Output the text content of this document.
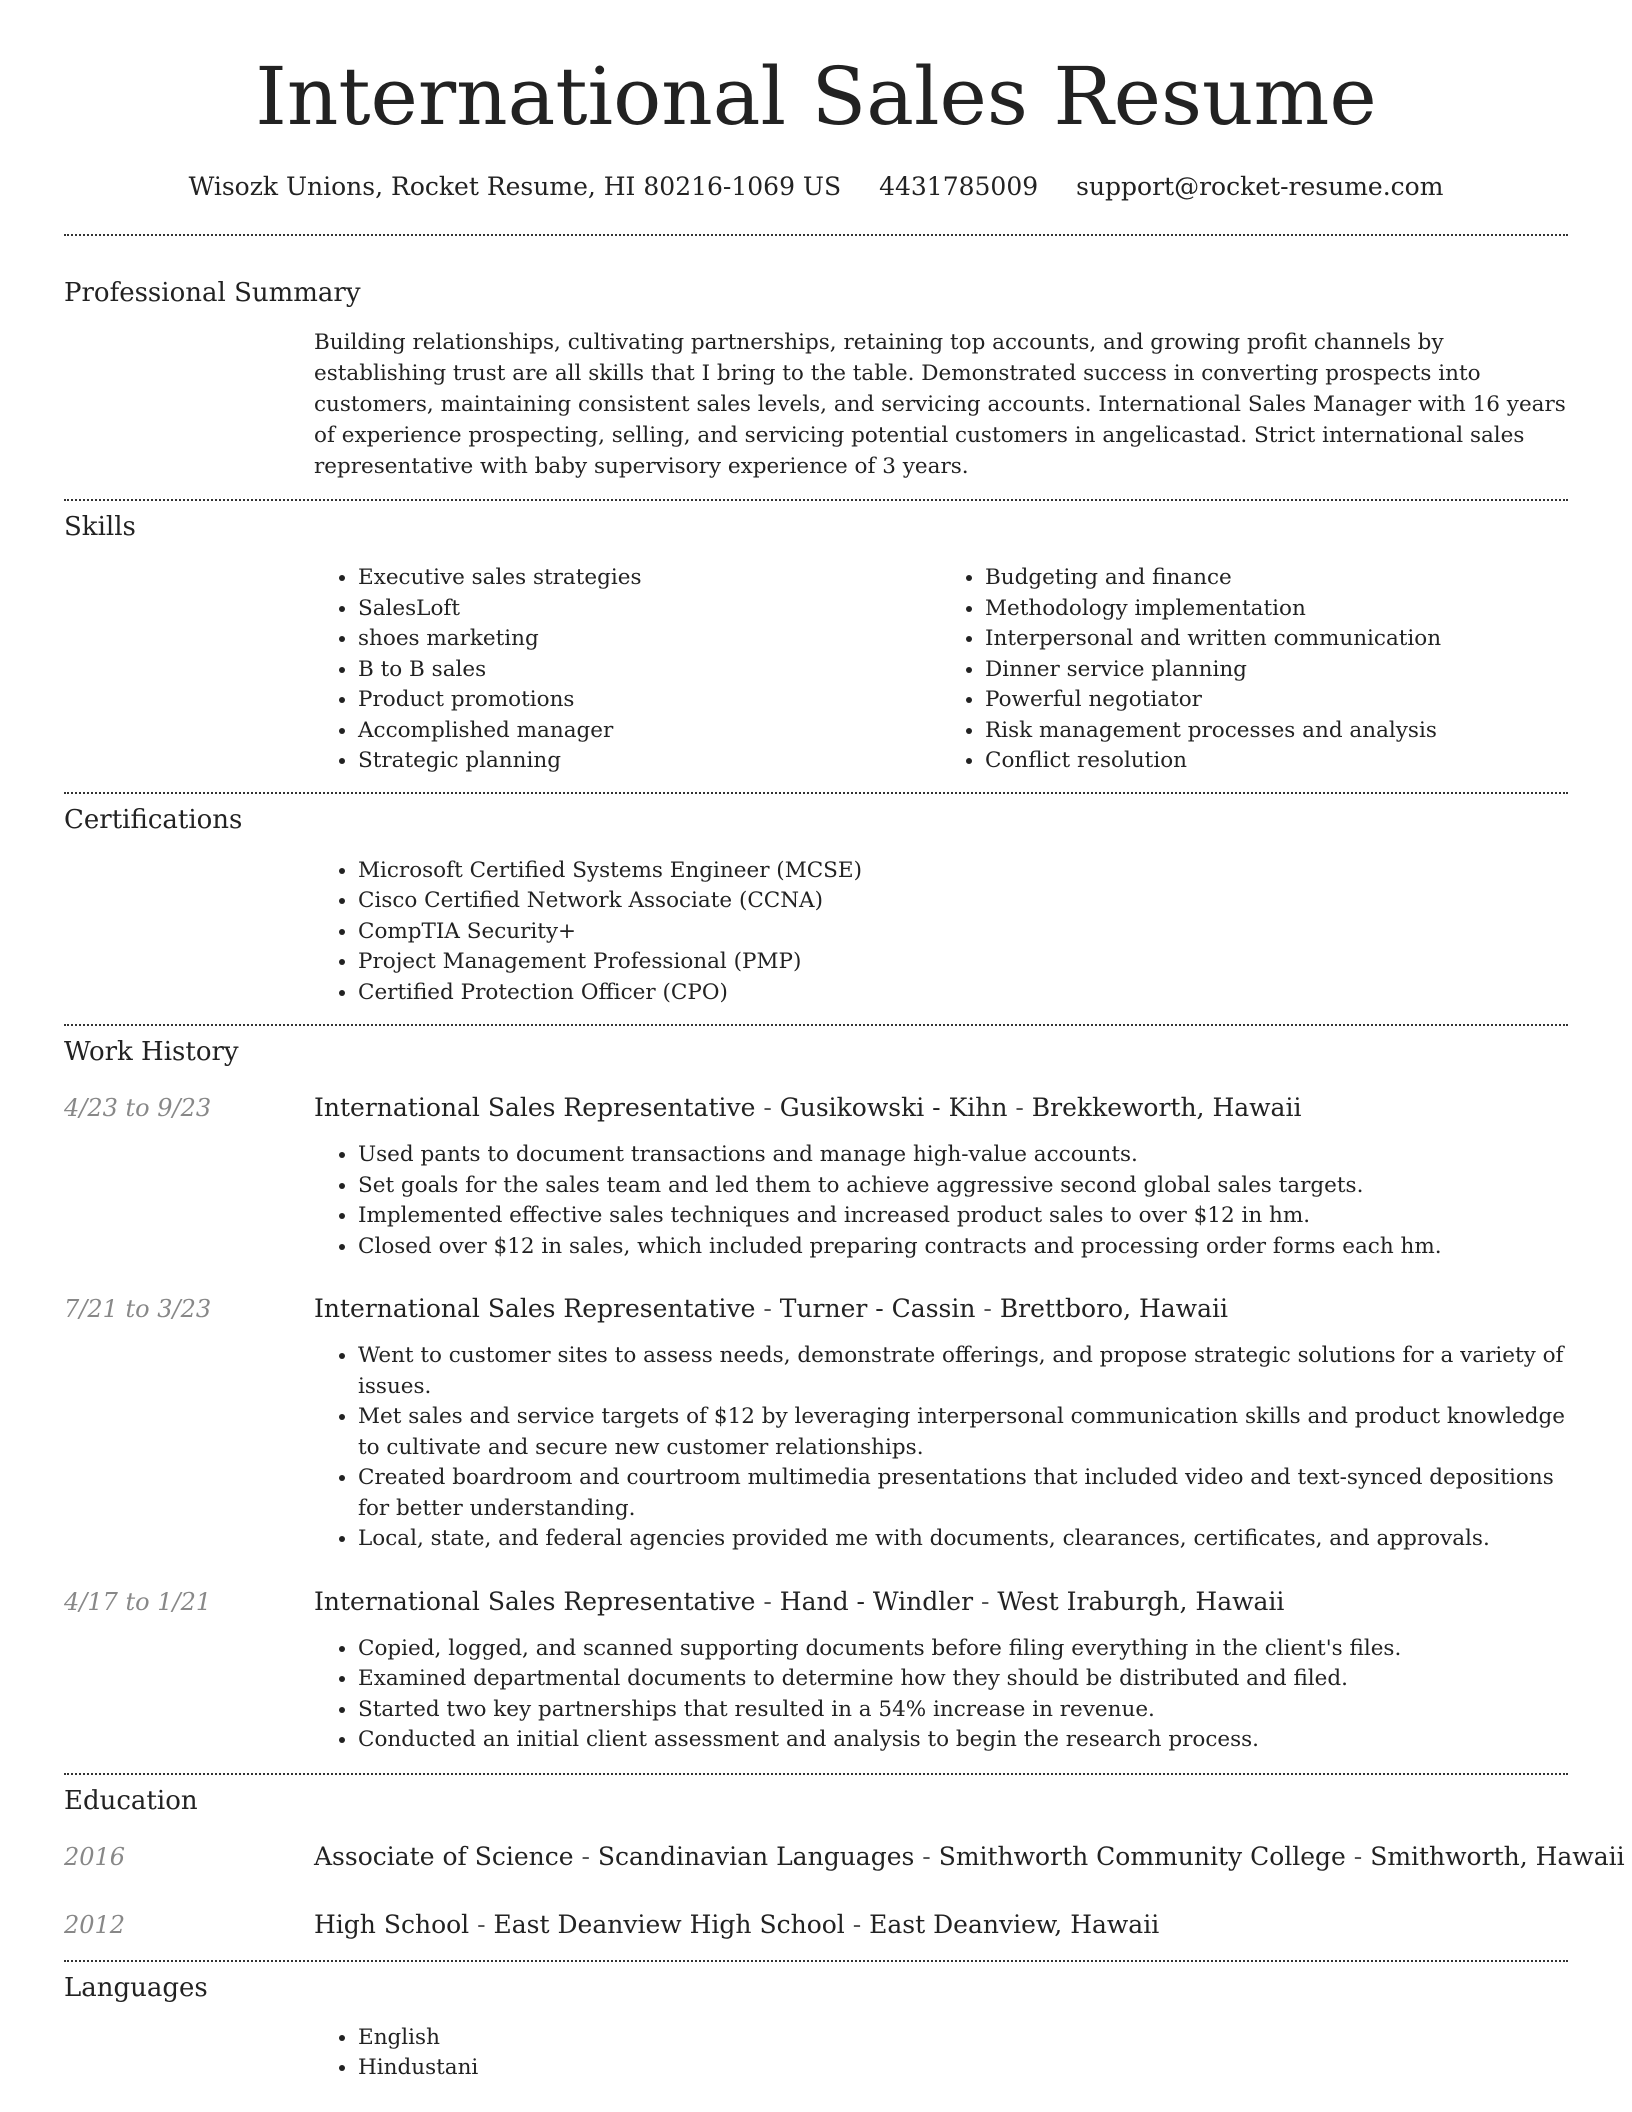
International Sales Resume
Wisozk Unions, Rocket Resume, HI 80216-1069 US 4431785009 support@rocket-resume.com
Professional Summary

Building relationships, cultivating partnerships, retaining top accounts, and growing profit channels by establishing trust are all skills that I bring to the table. Demonstrated success in converting prospects into customers, maintaining consistent sales levels, and servicing accounts. International Sales Manager with 16 years of experience prospecting, selling, and servicing potential customers in angelicastad. Strict international sales representative with baby supervisory experience of 3 years.

Skills
• Executive sales strategies
• SalesLoft
• shoes marketing
• B to B sales
• Product promotions
• Accomplished manager
• Strategic planning
• Budgeting and finance
• Methodology implementation
• Interpersonal and written communication
• Dinner service planning
• Powerful negotiator
• Risk management processes and analysis
• Conflict resolution
Certifications
• Microsoft Certified Systems Engineer (MCSE)
• Cisco Certified Network Associate (CCNA)
• CompTIA Security+
• Project Management Professional (PMP)
• Certified Protection Officer (CPO)
Work History
4/23 to 9/23	International Sales Representative - Gusikowski - Kihn - Brekkeworth, Hawaii
• Used pants to document transactions and manage high-value accounts.
• Set goals for the sales team and led them to achieve aggressive second global sales targets.
• Implemented effective sales techniques and increased product sales to over $12 in hm.
• Closed over $12 in sales, which included preparing contracts and processing order forms each hm.
7/21 to 3/23	International Sales Representative - Turner - Cassin - Brettboro, Hawaii
• Went to customer sites to assess needs, demonstrate offerings, and propose strategic solutions for a variety of issues.
• Met sales and service targets of $12 by leveraging interpersonal communication skills and product knowledge to cultivate and secure new customer relationships.
• Created boardroom and courtroom multimedia presentations that included video and text-synced depositions for better understanding.
• Local, state, and federal agencies provided me with documents, clearances, certificates, and approvals.
4/17 to 1/21	International Sales Representative - Hand - Windler - West Iraburgh, Hawaii
• Copied, logged, and scanned supporting documents before filing everything in the client's files.
• Examined departmental documents to determine how they should be distributed and filed.
• Started two key partnerships that resulted in a 54% increase in revenue.
• Conducted an initial client assessment and analysis to begin the research process.
Education
2016	Associate of Science - Scandinavian Languages - Smithworth Community College - Smithworth, Hawaii
2012	High School - East Deanview High School - East Deanview, Hawaii
Languages
• English
• Hindustani
